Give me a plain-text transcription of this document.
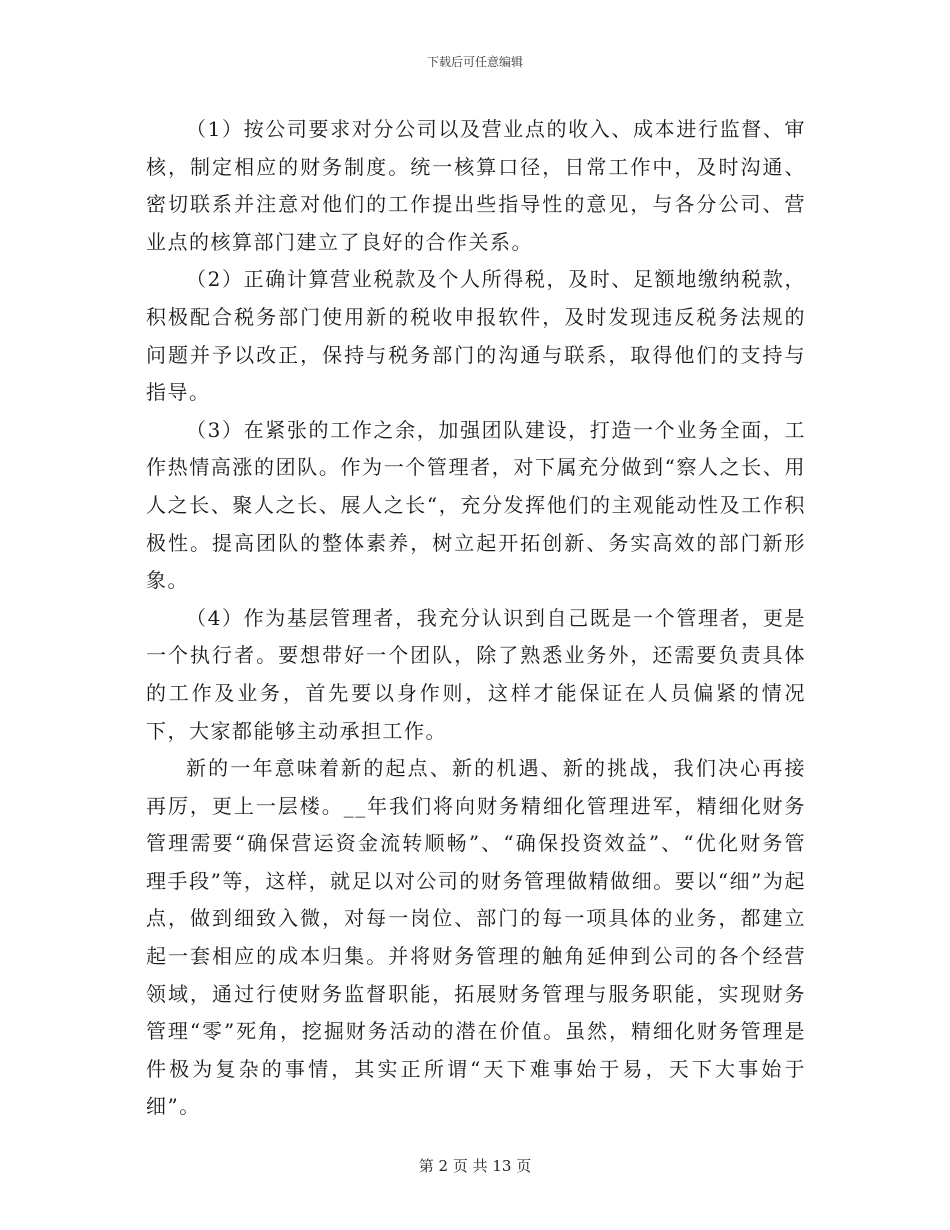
下载后可任意编辑

（1）按公司要求对分公司以及营业点的收入、成本进行监督、审核，制定相应的财务制度。统一核算口径，日常工作中，及时沟通、密切联系并注意对他们的工作提出些指导性的意见，与各分公司、营业点的核算部门建立了良好的合作关系。

（2）正确计算营业税款及个人所得税，及时、足额地缴纳税款，积极配合税务部门使用新的税收申报软件，及时发现违反税务法规的问题并予以改正，保持与税务部门的沟通与联系，取得他们的支持与指导。

（3）在紧张的工作之余，加强团队建设，打造一个业务全面，工作热情高涨的团队。作为一个管理者，对下属充分做到“察人之长、用人之长、聚人之长、展人之长“，充分发挥他们的主观能动性及工作积极性。提高团队的整体素养，树立起开拓创新、务实高效的部门新形象。

（4）作为基层管理者，我充分认识到自己既是一个管理者，更是一个执行者。要想带好一个团队，除了熟悉业务外，还需要负责具体的工作及业务，首先要以身作则，这样才能保证在人员偏紧的情况下，大家都能够主动承担工作。

新的一年意味着新的起点、新的机遇、新的挑战，我们决心再接再厉，更上一层楼。__年我们将向财务精细化管理进军，精细化财务管理需要“确保营运资金流转顺畅”、“确保投资效益”、“优化财务管理手段”等，这样，就足以对公司的财务管理做精做细。要以“细”为起点，做到细致入微，对每一岗位、部门的每一项具体的业务，都建立起一套相应的成本归集。并将财务管理的触角延伸到公司的各个经营领域，通过行使财务监督职能，拓展财务管理与服务职能，实现财务管理“零”死角，挖掘财务活动的潜在价值。虽然，精细化财务管理是件极为复杂的事情，其实正所谓“天下难事始于易，天下大事始于细”。

第 2 页 共 13 页
